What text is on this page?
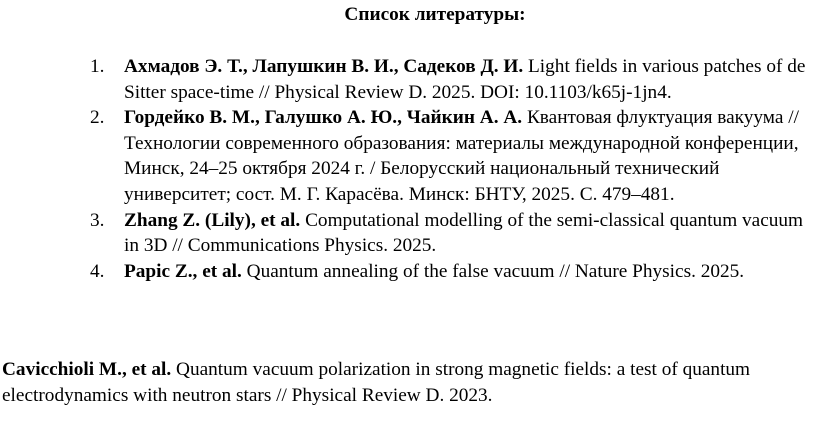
Список литературы:
1. Ахмадов Э. Т., Лапушкин В. И., Садеков Д. И. Light fields in various patches of de Sitter space-time // Physical Review D. 2025. DOI: 10.1103/k65j-1jn4.
2. Гордейко В. М., Галушко А. Ю., Чайкин А. А. Квантовая флуктуация вакуума // Технологии современного образования: материалы международной конференции, Минск, 24–25 октября 2024 г. / Белорусский национальный технический университет; сост. М. Г. Карасёва. Минск: БНТУ, 2025. С. 479–481.
3. Zhang Z. (Lily), et al. Computational modelling of the semi-classical quantum vacuum in 3D // Communications Physics. 2025.
4. Papic Z., et al. Quantum annealing of the false vacuum // Nature Physics. 2025.

Cavicchioli M., et al. Quantum vacuum polarization in strong magnetic fields: a test of quantum electrodynamics with neutron stars // Physical Review D. 2023.
